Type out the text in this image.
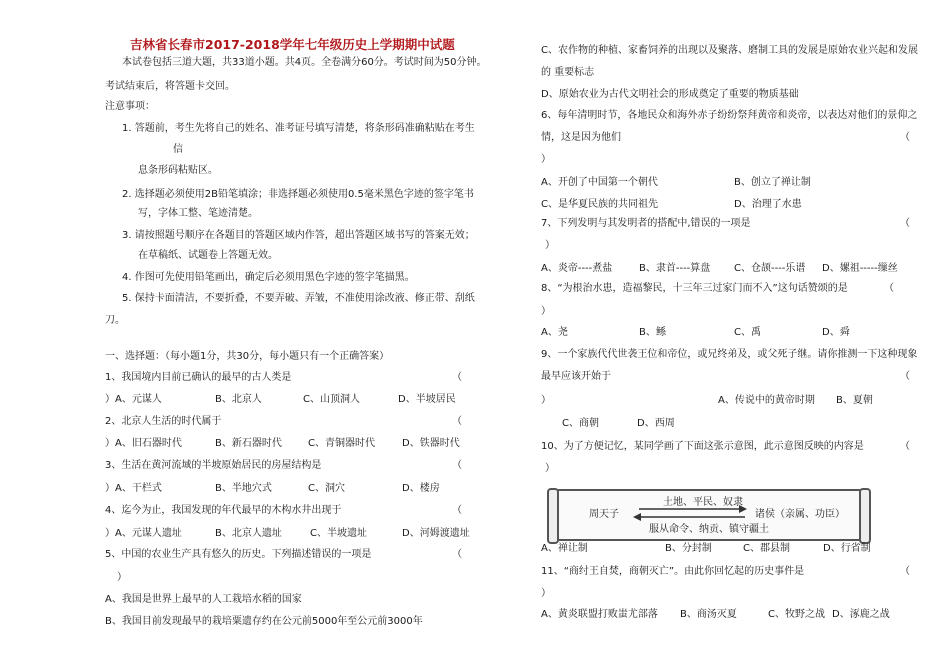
吉林省长春市2017-2018学年七年级历史上学期期中试题
本试卷包括三道大题，共33道小题。共4页。全卷满分60分。考试时间为50分钟。
考试结束后，将答题卡交回。
注意事项：
1. 答题前，考生先将自己的姓名、准考证号填写清楚，将条形码准确粘贴在考生
信
息条形码粘贴区。
2. 选择题必须使用2B铅笔填涂；非选择题必须使用0.5毫米黑色字迹的签字笔书
写，字体工整、笔迹清楚。
3. 请按照题号顺序在各题目的答题区域内作答，超出答题区域书写的答案无效；
在草稿纸、试题卷上答题无效。
4. 作图可先使用铅笔画出，确定后必须用黑色字迹的签字笔描黑。
5. 保持卡面清洁，不要折叠，不要弄破、弄皱，不准使用涂改液、修正带、刮纸
刀。
一、选择题：（每小题1分，共30分，每小题只有一个正确答案）
1、我国境内目前已确认的最早的古人类是	（
）A、元谋人	B、北京人	C、山顶洞人	D、半坡居民
2、北京人生活的时代属于	（
）A、旧石器时代	B、新石器时代	C、青铜器时代	D、铁器时代
3、生活在黄河流域的半坡原始居民的房屋结构是	（
）A、干栏式	B、半地穴式	C、洞穴	D、楼房
4、迄今为止，我国发现的年代最早的木构水井出现于	（
）A、元谋人遗址	B、北京人遗址	C、半坡遗址	D、河姆渡遗址
5、中国的农业生产具有悠久的历史。下列描述错误的一项是	（
）
A、我国是世界上最早的人工栽培水稻的国家
B、我国目前发现最早的栽培粟遗存约在公元前5000年至公元前3000年
C、农作物的种植、家畜饲养的出现以及聚落、磨制工具的发展是原始农业兴起和发展
的 重要标志
D、原始农业为古代文明社会的形成奠定了重要的物质基础
6、每年清明时节，各地民众和海外赤子纷纷祭拜黄帝和炎帝，以表达对他们的景仰之
情，这是因为他们	（
）
A、开创了中国第一个朝代	B、创立了禅让制
C、是华夏民族的共同祖先	D、治理了水患
7、下列发明与其发明者的搭配中,错误的一项是	（
）
A、炎帝----煮盐	B、隶首----算盘 C、仓颉----乐谱 D、嫘祖-----缫丝
8、“为根治水患，造福黎民，十三年三过家门而不入”这句话赞颂的是	（
）
A、尧	B、鲧	C、禹	D、舜
9、一个家族代代世袭王位和帝位，或兄终弟及，或父死子继。请你推测一下这种现象
最早应该开始于	（
）	A、传说中的黄帝时期 B、夏朝
C、商朝	D、西周
10、为了方便记忆，某同学画了下面这张示意图，此示意图反映的内容是	（
）
周天子
土地、平民、奴隶
诸侯（亲属、功臣）
服从命令、纳贡、镇守疆土
A、禅让制	B、分封制	C、郡县制	D、行省制
11、“商纣王自焚，商朝灭亡”。由此你回忆起的历史事件是	（
）
A、黄炎联盟打败蚩尤部落 B、商汤灭夏	C、牧野之战 D、涿鹿之战
